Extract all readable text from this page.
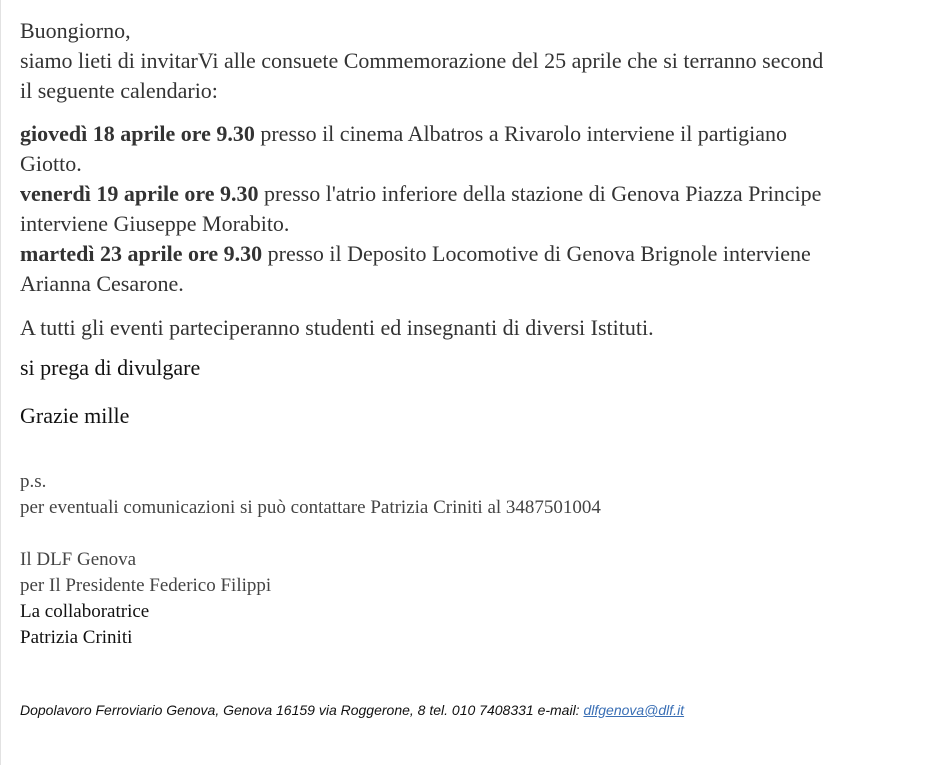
Buongiorno,
siamo lieti di invitarVi alle consuete Commemorazione del 25 aprile che si terranno second
il seguente calendario:
giovedì 18 aprile ore 9.30 presso il cinema Albatros a Rivarolo interviene il partigiano
Giotto.
venerdì 19 aprile ore 9.30 presso l'atrio inferiore della stazione di Genova Piazza Principe
interviene Giuseppe Morabito.
martedì 23 aprile ore 9.30 presso il Deposito Locomotive di Genova Brignole interviene
Arianna Cesarone.
A tutti gli eventi parteciperanno studenti ed insegnanti di diversi Istituti.
si prega di divulgare
Grazie mille
p.s.
per eventuali comunicazioni si può contattare Patrizia Criniti al 3487501004
Il DLF Genova
per Il Presidente Federico Filippi
La collaboratrice
Patrizia Criniti
Dopolavoro Ferroviario Genova, Genova 16159 via Roggerone, 8 tel. 010 7408331 e-mail: dlfgenova@dlf.it
